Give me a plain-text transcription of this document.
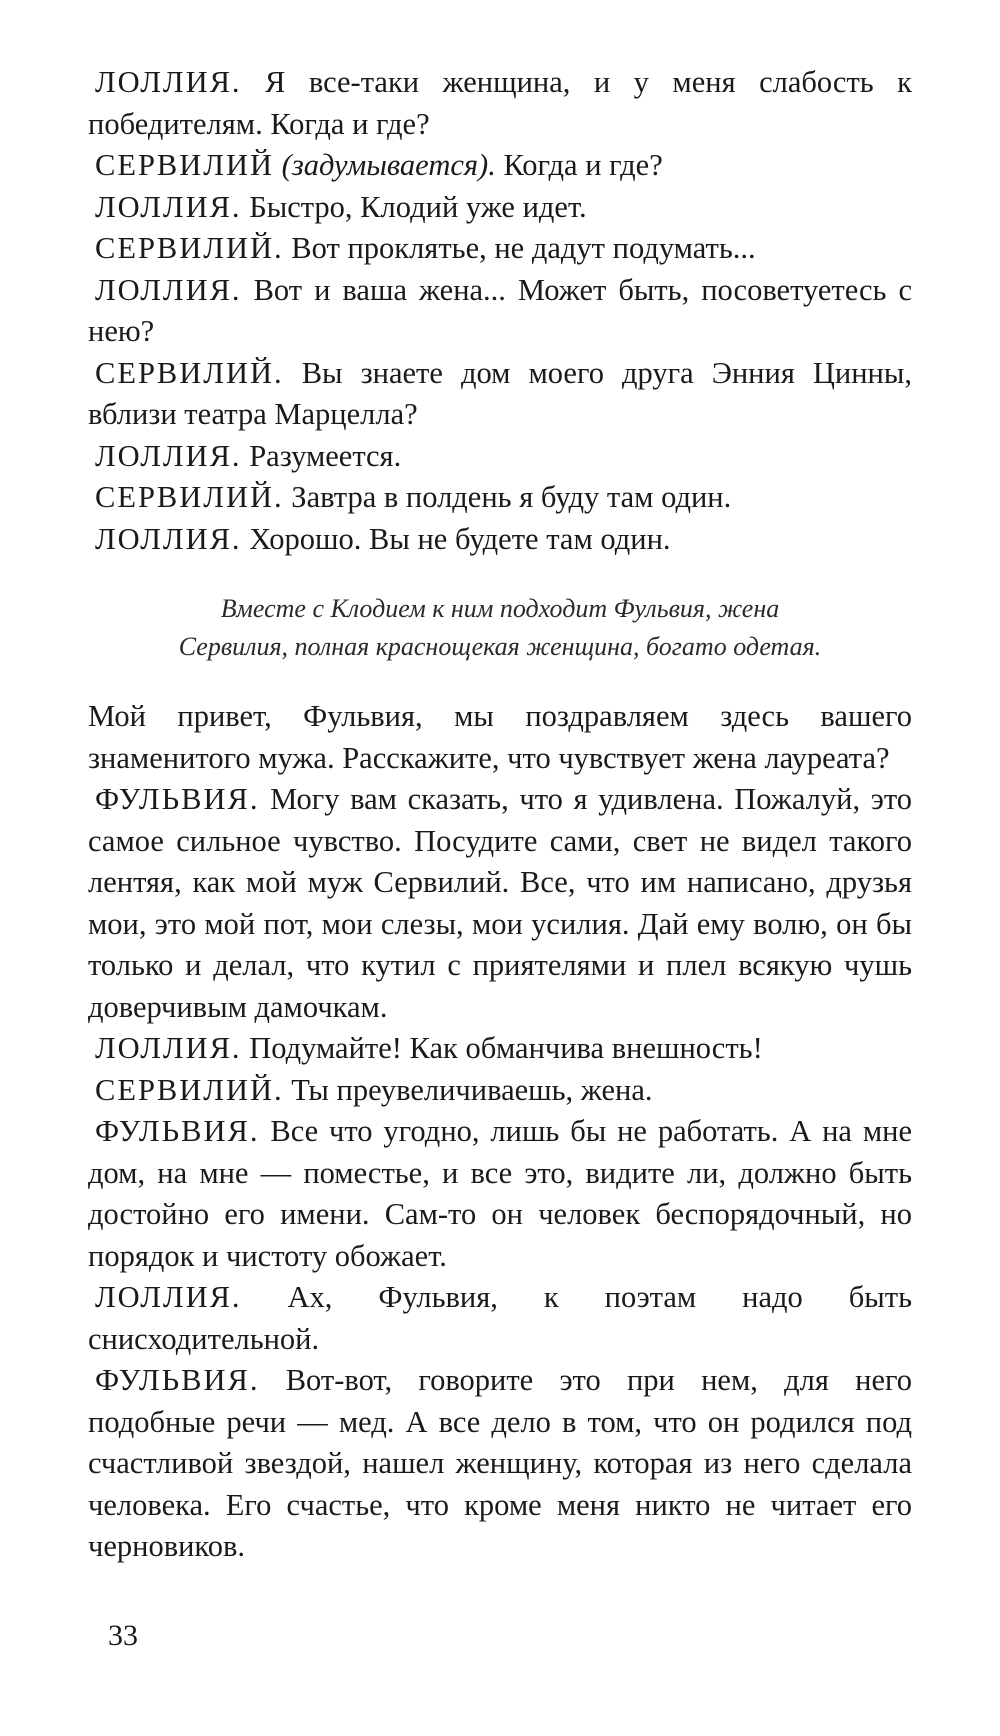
ЛОЛЛИЯ. Я все-таки женщина, и у меня слабость к победителям. Когда и где?

СЕРВИЛИЙ (задумывается). Когда и где?

ЛОЛЛИЯ. Быстро, Клодий уже идет.

СЕРВИЛИЙ. Вот проклятье, не дадут подумать...

ЛОЛЛИЯ. Вот и ваша жена... Может быть, посоветуетесь с нею?

СЕРВИЛИЙ. Вы знаете дом моего друга Энния Цинны, вблизи театра Марцелла?

ЛОЛЛИЯ. Разумеется.

СЕРВИЛИЙ. Завтра в полдень я буду там один.

ЛОЛЛИЯ. Хорошо. Вы не будете там один.

Вместе с Клодием к ним подходит Фульвия, жена
Сервилия, полная краснощекая женщина, богато одетая.

Мой привет, Фульвия, мы поздравляем здесь вашего знаменитого мужа. Расскажите, что чувствует жена лауреата?

ФУЛЬВИЯ. Могу вам сказать, что я удивлена. Пожалуй, это самое сильное чувство. Посудите сами, свет не видел такого лентяя, как мой муж Сервилий. Все, что им написано, друзья мои, это мой пот, мои слезы, мои усилия. Дай ему волю, он бы только и делал, что кутил с приятелями и плел всякую чушь доверчивым дамочкам.

ЛОЛЛИЯ. Подумайте! Как обманчива внешность!

СЕРВИЛИЙ. Ты преувеличиваешь, жена.

ФУЛЬВИЯ. Все что угодно, лишь бы не работать. А на мне дом, на мне — поместье, и все это, видите ли, должно быть достойно его имени. Сам-то он человек беспорядочный, но порядок и чистоту обожает.

ЛОЛЛИЯ. Ах, Фульвия, к поэтам надо быть снисходительной.

ФУЛЬВИЯ. Вот-вот, говорите это при нем, для него подобные речи — мед. А все дело в том, что он родился под счастливой звездой, нашел женщину, которая из него сделала человека. Его счастье, что кроме меня никто не читает его черновиков.

33
